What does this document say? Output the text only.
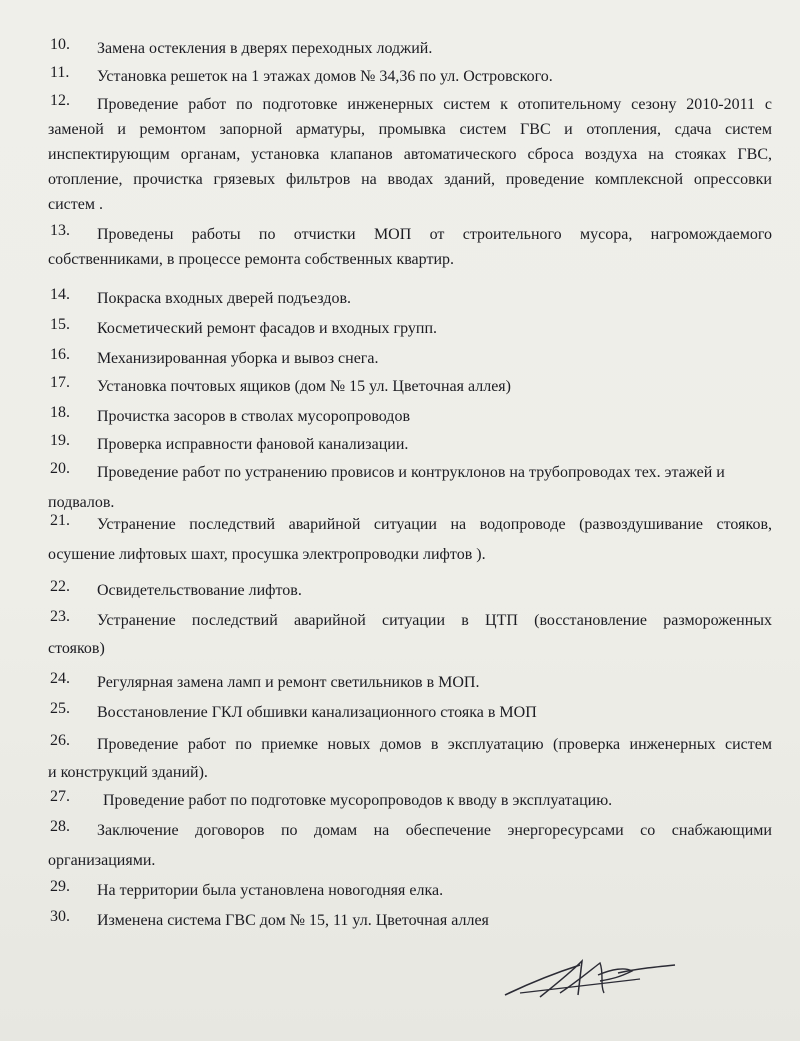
10. Замена остекления в дверях переходных лоджий.
11. Установка решеток на 1 этажах домов № 34,36 по ул. Островского.
12. Проведение работ по подготовке инженерных систем к отопительному сезону 2010-2011 с
заменой и ремонтом запорной арматуры, промывка систем ГВС и отопления, сдача систем
инспектирующим органам, установка клапанов автоматического сброса воздуха на стояках ГВС,
отопление, прочистка грязевых фильтров на вводах зданий, проведение комплексной опрессовки
систем .
13. Проведены работы по отчистки МОП от строительного мусора, нагромождаемого
собственниками, в процессе ремонта собственных квартир.
14. Покраска входных дверей подъездов.
15. Косметический ремонт фасадов и входных групп.
16. Механизированная уборка и вывоз снега.
17. Установка почтовых ящиков (дом № 15 ул. Цветочная аллея)
18. Прочистка засоров в стволах мусоропроводов
19. Проверка исправности фановой канализации.
20. Проведение работ по устранению провисов и контруклонов на трубопроводах тех. этажей и
подвалов.
21. Устранение последствий аварийной ситуации на водопроводе (развоздушивание стояков,
осушение лифтовых шахт, просушка электропроводки лифтов ).
22. Освидетельствование лифтов.
23. Устранение последствий аварийной ситуации в ЦТП (восстановление размороженных
стояков)
24. Регулярная замена ламп и ремонт светильников в МОП.
25. Восстановление ГКЛ обшивки канализационного стояка в МОП
26. Проведение работ по приемке новых домов в эксплуатацию (проверка инженерных систем
и конструкций зданий).
27. Проведение работ по подготовке мусоропроводов к вводу в эксплуатацию.
28. Заключение договоров по домам на обеспечение энергоресурсами со снабжающими
организациями.
29. На территории была установлена новогодняя елка.
30. Изменена система ГВС дом № 15, 11 ул. Цветочная аллея
